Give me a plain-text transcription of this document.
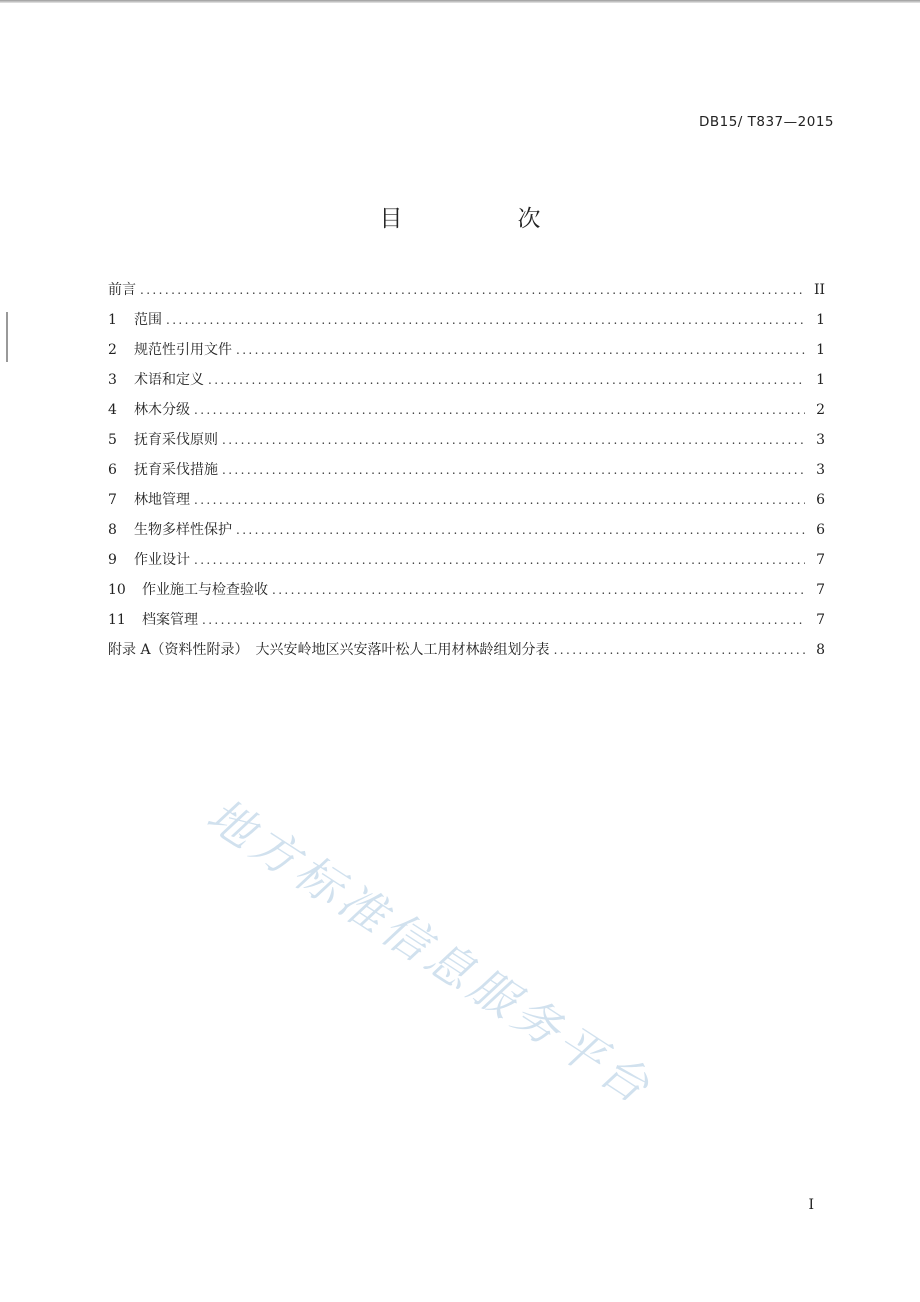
DB15/ T837—2015
目　次
前言 .....	II
1	范围 .....	1
2	规范性引用文件 .....	1
3	术语和定义 .....	1
4	林木分级 .....	2
5	抚育采伐原则 .....	3
6	抚育采伐措施 .....	3
7	林地管理 .....	6
8	生物多样性保护 .....	6
9	作业设计 .....	7
10	作业施工与检查验收 .....	7
11	档案管理 .....	7
附录 A（资料性附录）　大兴安岭地区兴安落叶松人工用材林龄组划分表 .....	8
地方标准信息服务平台
I
